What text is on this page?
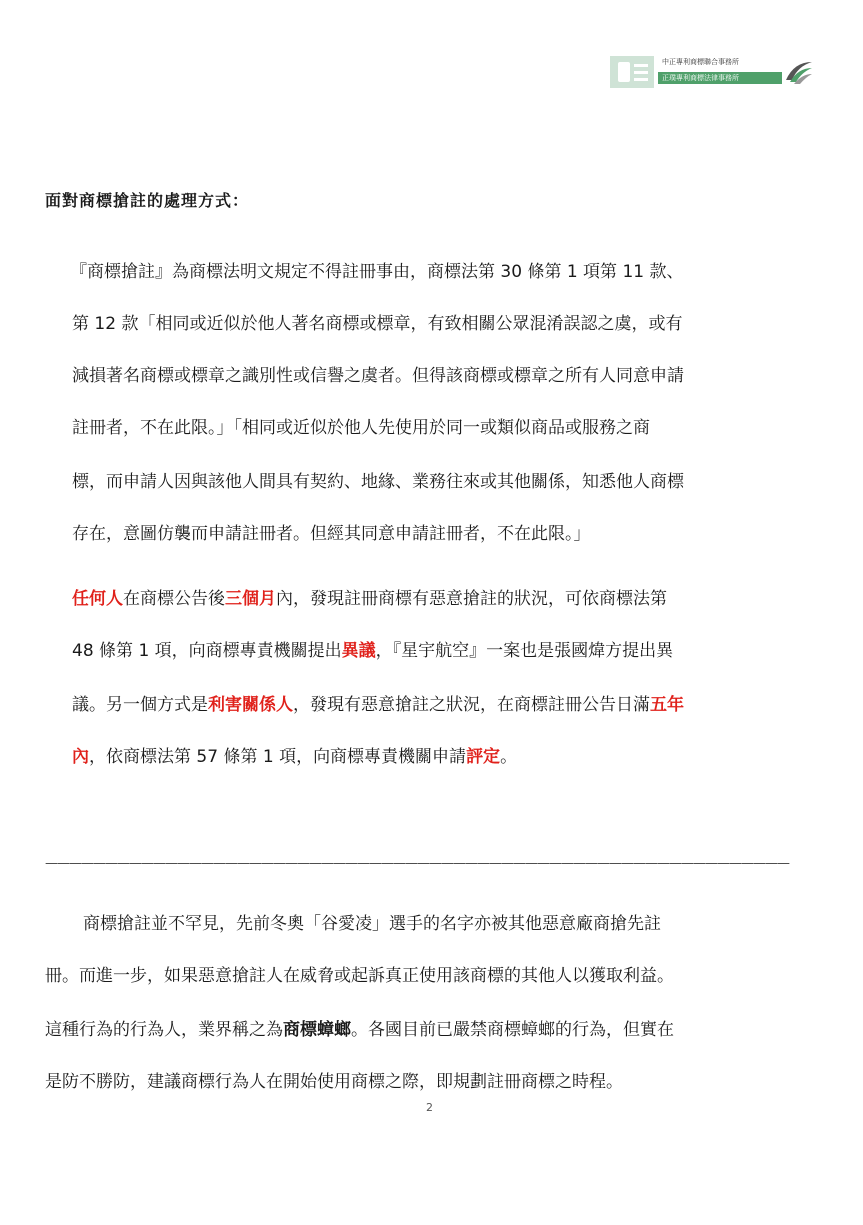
中正專利商標聯合事務所
正璞專利商標法律事務所
面對商標搶註的處理方式：
『商標搶註』為商標法明文規定不得註冊事由，商標法第 30 條第 1 項第 11 款、
第 12 款「相同或近似於他人著名商標或標章，有致相關公眾混淆誤認之虞，或有
減損著名商標或標章之識別性或信譽之虞者。但得該商標或標章之所有人同意申請
註冊者，不在此限。」「相同或近似於他人先使用於同一或類似商品或服務之商
標，而申請人因與該他人間具有契約、地緣、業務往來或其他關係，知悉他人商標
存在，意圖仿襲而申請註冊者。但經其同意申請註冊者，不在此限。」
任何人在商標公告後三個月內，發現註冊商標有惡意搶註的狀況，可依商標法第
48 條第 1 項，向商標專責機關提出異議，『星宇航空』一案也是張國煒方提出異
議。另一個方式是利害關係人，發現有惡意搶註之狀況，在商標註冊公告日滿五年
內，依商標法第 57 條第 1 項，向商標專責機關申請評定。
——————————————————————————————————————————————————————————————
　商標搶註並不罕見，先前冬奧「谷愛凌」選手的名字亦被其他惡意廠商搶先註
冊。而進一步，如果惡意搶註人在威脅或起訴真正使用該商標的其他人以獲取利益。
這種行為的行為人，業界稱之為商標蟑螂。各國目前已嚴禁商標蟑螂的行為，但實在
是防不勝防，建議商標行為人在開始使用商標之際，即規劃註冊商標之時程。
2
